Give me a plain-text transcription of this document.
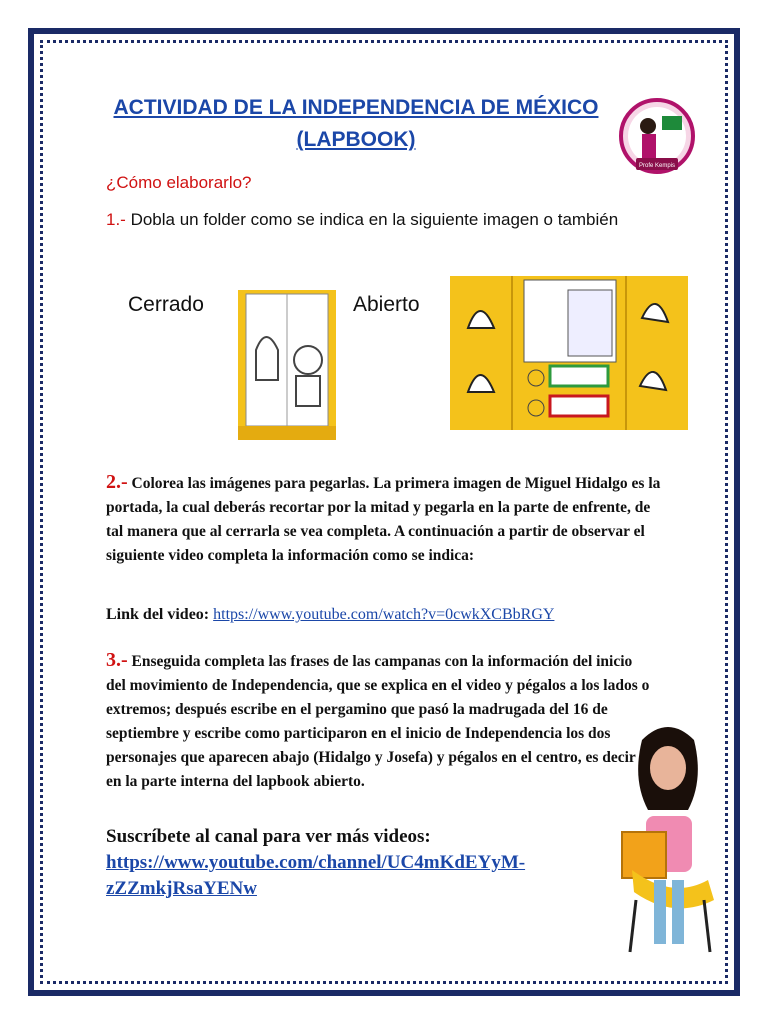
ACTIVIDAD DE LA INDEPENDENCIA DE MÉXICO
(LAPBOOK)
Profe Kempis
¿Cómo elaborarlo?
1.- Dobla un folder como se indica en la siguiente imagen o también
Cerrado	Abierto
2.- Colorea las imágenes para pegarlas. La primera imagen de Miguel Hidalgo es la portada, la cual deberás recortar por la mitad y pegarla en la parte de enfrente, de tal manera que al cerrarla se vea completa. A continuación a partir de observar el siguiente video completa la información como se indica:
Link del video: https://www.youtube.com/watch?v=0cwkXCBbRGY
3.- Enseguida completa las frases de las campanas con la información del inicio del movimiento de Independencia, que se explica en el video y pégalos a los lados o extremos; después escribe en el pergamino que pasó la madrugada del 16 de septiembre y escribe como participaron en el inicio de Independencia los dos personajes que aparecen abajo (Hidalgo y Josefa) y pégalos en el centro, es decir en la parte interna del lapbook abierto.
Suscríbete al canal para ver más videos:
https://www.youtube.com/channel/UC4mKdEYyM-
zZZmkjRsaYENw
